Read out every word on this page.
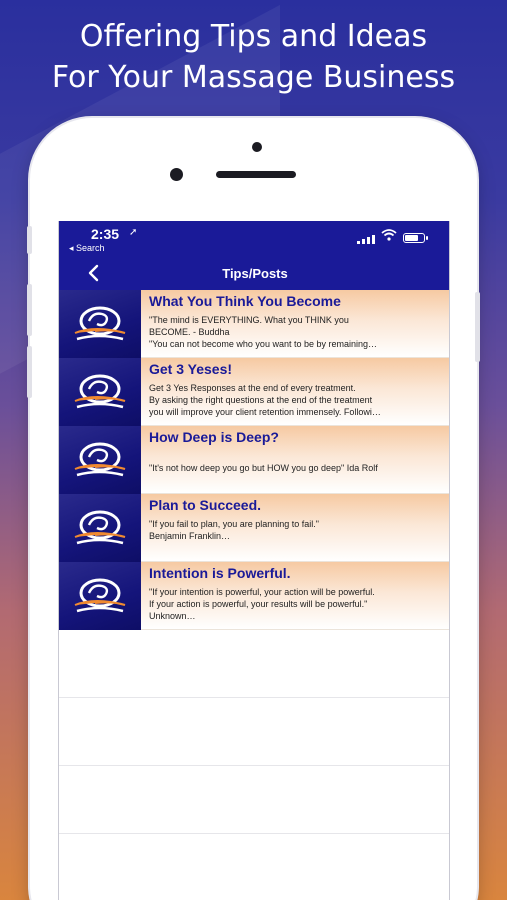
Offering Tips and Ideas
For Your Massage Business
2:35 ➚
◂ Search
Tips/Posts
What You Think You Become
"The mind is EVERYTHING. What you THINK you
BECOME. - Buddha
"You can not become who you want to be by remaining…
Get 3 Yeses!
Get 3 Yes Responses at the end of every treatment.
By asking the right questions at the end of the treatment
you will improve your client retention immensely. Followi…
How Deep is Deep?

"It's not how deep you go but HOW you go deep" Ida Rolf

Plan to Succeed.
"If you fail to plan, you are planning to fail."
Benjamin Franklin…

Intention is Powerful.
"If your intention is powerful, your action will be powerful.
If your action is powerful, your results will be powerful."
Unknown…
